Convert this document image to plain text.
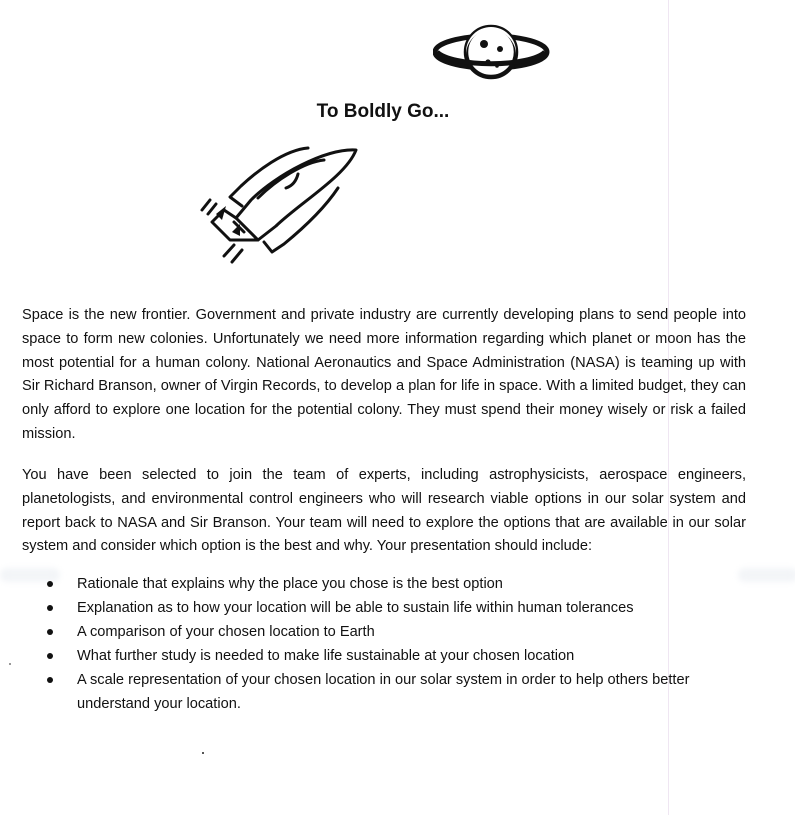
To Boldly Go...

Space is the new frontier. Government and private industry are currently developing plans to send people into space to form new colonies. Unfortunately we need more information regarding which planet or moon has the most potential for a human colony. National Aeronautics and Space Administration (NASA) is teaming up with Sir Richard Branson, owner of Virgin Records, to develop a plan for life in space. With a limited budget, they can only afford to explore one location for the potential colony. They must spend their money wisely or risk a failed mission.

You have been selected to join the team of experts, including astrophysicists, aerospace engineers, planetologists, and environmental control engineers who will research viable options in our solar system and report back to NASA and Sir Branson. Your team will need to explore the options that are available in our solar system and consider which option is the best and why. Your presentation should include:

Rationale that explains why the place you chose is the best option
Explanation as to how your location will be able to sustain life within human tolerances
A comparison of your chosen location to Earth
What further study is needed to make life sustainable at your chosen location
A scale representation of your chosen location in our solar system in order to help others better understand your location.
